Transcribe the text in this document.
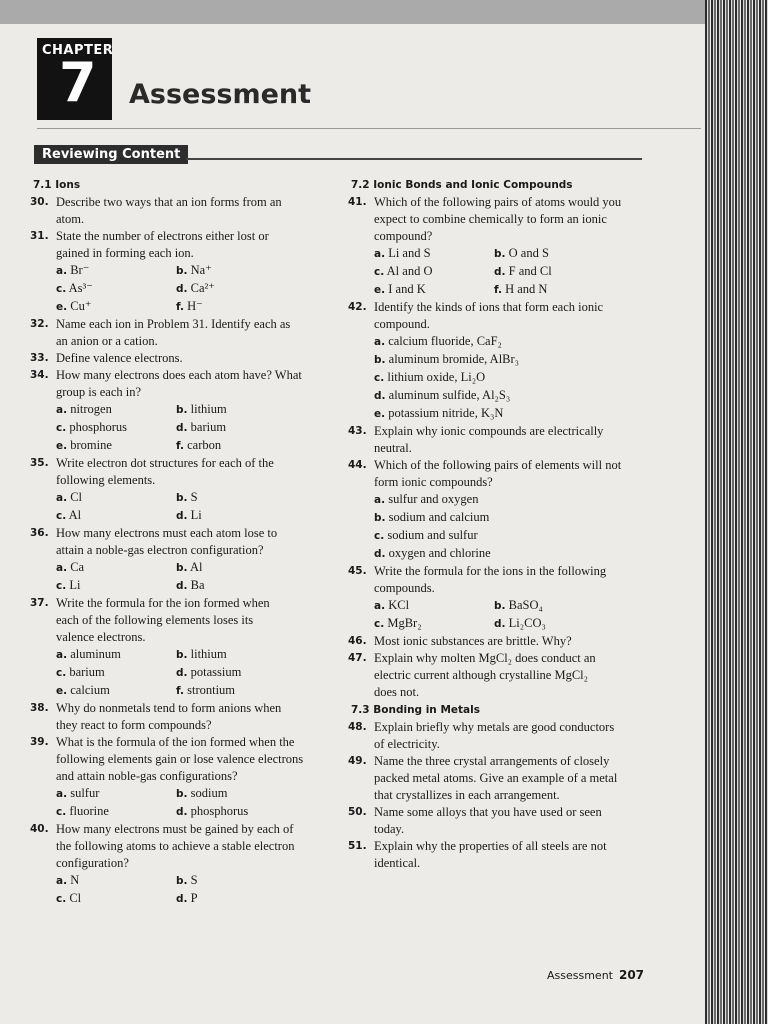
CHAPTER
7 Assessment
Reviewing Content
7.1 Ions
30. Describe two ways that an ion forms from an
atom.
31. State the number of electrons either lost or
gained in forming each ion.
a. Br⁻	b. Na⁺
c. As³⁻	d. Ca²⁺
e. Cu⁺	f. H⁻
32. Name each ion in Problem 31. Identify each as
an anion or a cation.
33. Define valence electrons.
34. How many electrons does each atom have? What
group is each in?
a. nitrogen	b. lithium
c. phosphorus	d. barium
e. bromine	f. carbon
35. Write electron dot structures for each of the
following elements.
a. Cl	b. S
c. Al	d. Li
36. How many electrons must each atom lose to
attain a noble-gas electron configuration?
a. Ca	b. Al
c. Li	d. Ba
37. Write the formula for the ion formed when
each of the following elements loses its
valence electrons.
a. aluminum	b. lithium
c. barium	d. potassium
e. calcium	f. strontium
38. Why do nonmetals tend to form anions when
they react to form compounds?
39. What is the formula of the ion formed when the
following elements gain or lose valence electrons
and attain noble-gas configurations?
a. sulfur	b. sodium
c. fluorine	d. phosphorus
40. How many electrons must be gained by each of
the following atoms to achieve a stable electron
configuration?
a. N	b. S
c. Cl	d. P
7.2 Ionic Bonds and Ionic Compounds
41. Which of the following pairs of atoms would you
expect to combine chemically to form an ionic
compound?
a. Li and S	b. O and S
c. Al and O	d. F and Cl
e. I and K	f. H and N
42. Identify the kinds of ions that form each ionic
compound.
a. calcium fluoride, CaF₂
b. aluminum bromide, AlBr₃
c. lithium oxide, Li₂O
d. aluminum sulfide, Al₂S₃
e. potassium nitride, K₃N
43. Explain why ionic compounds are electrically
neutral.
44. Which of the following pairs of elements will not
form ionic compounds?
a. sulfur and oxygen
b. sodium and calcium
c. sodium and sulfur
d. oxygen and chlorine
45. Write the formula for the ions in the following
compounds.
a. KCl	b. BaSO₄
c. MgBr₂	d. Li₂CO₃
46. Most ionic substances are brittle. Why?
47. Explain why molten MgCl₂ does conduct an
electric current although crystalline MgCl₂
does not.
7.3 Bonding in Metals
48. Explain briefly why metals are good conductors
of electricity.
49. Name the three crystal arrangements of closely
packed metal atoms. Give an example of a metal
that crystallizes in each arrangement.
50. Name some alloys that you have used or seen
today.
51. Explain why the properties of all steels are not
identical.
Assessment 207
